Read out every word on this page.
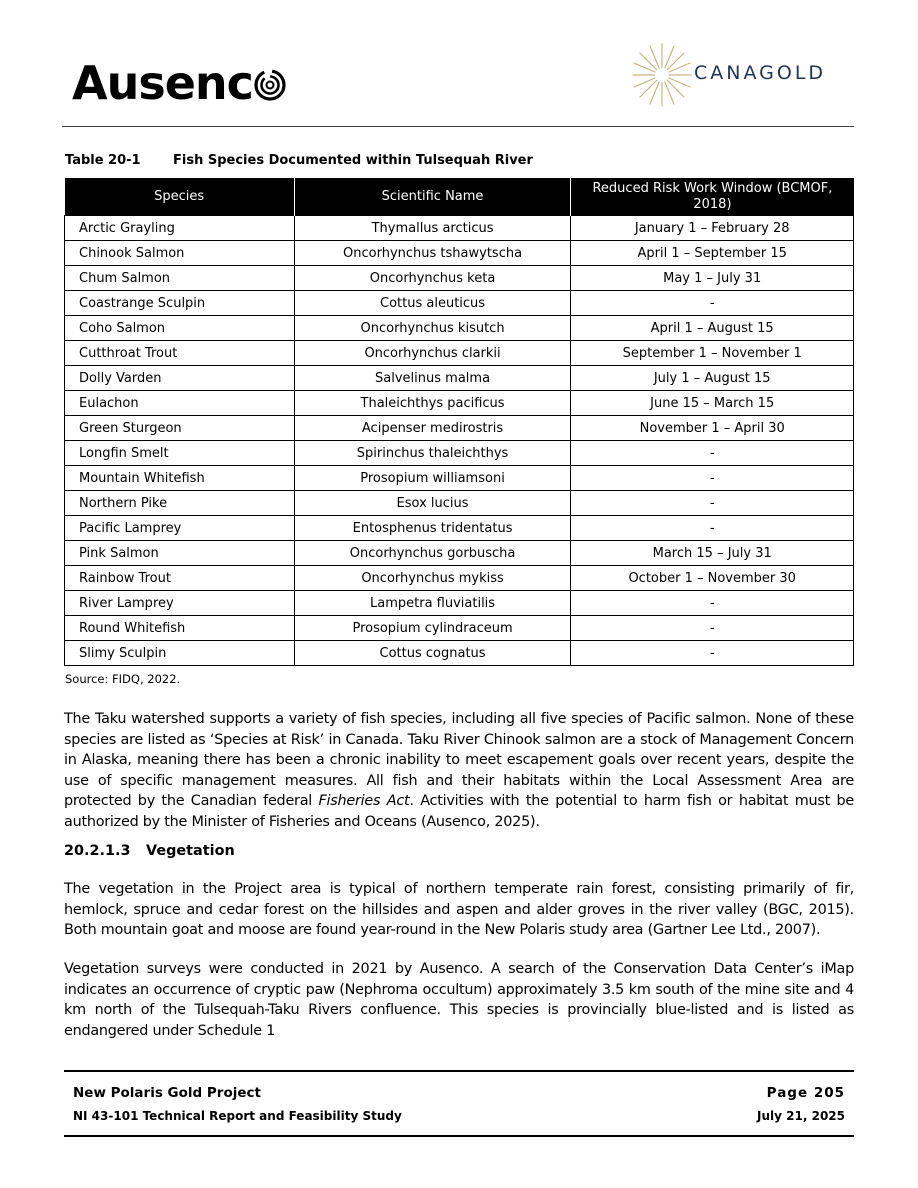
Ausenc	CANAGOLD
Table 20-1 Fish Species Documented within Tulsequah River
Species	Scientific Name	Reduced Risk Work Window (BCMOF, 2018)
Arctic Grayling	Thymallus arcticus	January 1 – February 28
Chinook Salmon	Oncorhynchus tshawytscha	April 1 – September 15
Chum Salmon	Oncorhynchus keta	May 1 – July 31
Coastrange Sculpin	Cottus aleuticus	-
Coho Salmon	Oncorhynchus kisutch	April 1 – August 15
Cutthroat Trout	Oncorhynchus clarkii	September 1 – November 1
Dolly Varden	Salvelinus malma	July 1 – August 15
Eulachon	Thaleichthys pacificus	June 15 – March 15
Green Sturgeon	Acipenser medirostris	November 1 – April 30
Longfin Smelt	Spirinchus thaleichthys	-
Mountain Whitefish	Prosopium williamsoni	-
Northern Pike	Esox lucius	-
Pacific Lamprey	Entosphenus tridentatus	-
Pink Salmon	Oncorhynchus gorbuscha	March 15 – July 31
Rainbow Trout	Oncorhynchus mykiss	October 1 – November 30
River Lamprey	Lampetra fluviatilis	-
Round Whitefish	Prosopium cylindraceum	-
Slimy Sculpin	Cottus cognatus	-
Source: FIDQ, 2022.
The Taku watershed supports a variety of fish species, including all five species of Pacific salmon. None of these species are listed as ‘Species at Risk’ in Canada. Taku River Chinook salmon are a stock of Management Concern in Alaska, meaning there has been a chronic inability to meet escapement goals over recent years, despite the use of specific management measures. All fish and their habitats within the Local Assessment Area are protected by the Canadian federal Fisheries Act. Activities with the potential to harm fish or habitat must be authorized by the Minister of Fisheries and Oceans (Ausenco, 2025).
20.2.1.3 Vegetation
The vegetation in the Project area is typical of northern temperate rain forest, consisting primarily of fir, hemlock, spruce and cedar forest on the hillsides and aspen and alder groves in the river valley (BGC, 2015). Both mountain goat and moose are found year-round in the New Polaris study area (Gartner Lee Ltd., 2007).
Vegetation surveys were conducted in 2021 by Ausenco. A search of the Conservation Data Center’s iMap indicates an occurrence of cryptic paw (Nephroma occultum) approximately 3.5 km south of the mine site and 4 km north of the Tulsequah-Taku Rivers confluence. This species is provincially blue-listed and is listed as endangered under Schedule 1
New Polaris Gold Project
NI 43-101 Technical Report and Feasibility Study
Page 205
July 21, 2025
